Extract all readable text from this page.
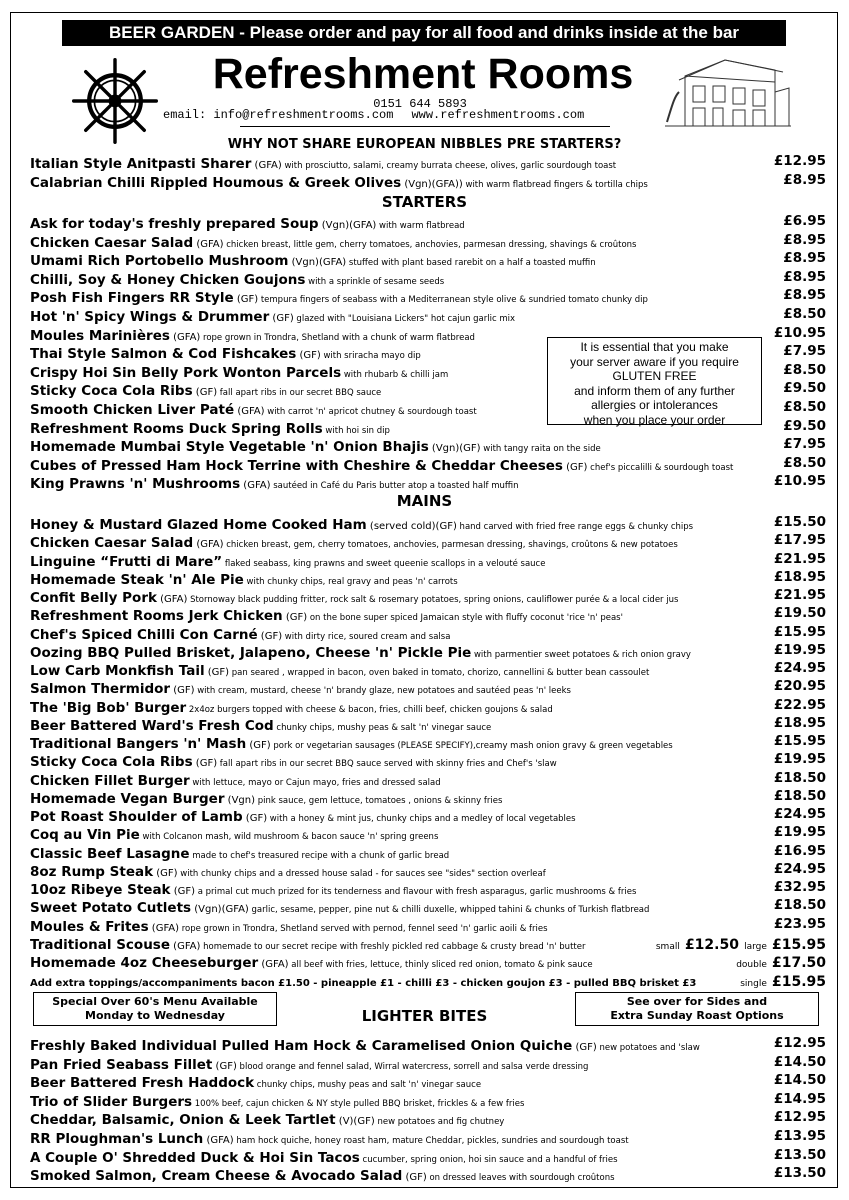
BEER GARDEN - Please order and pay for all food and drinks inside at the bar
Refreshment Rooms
0151 644 5893
email: info@refreshmentrooms.com www.refreshmentrooms.com
WHY NOT SHARE EUROPEAN NIBBLES PRE STARTERS?
Italian Style Anitpasti Sharer (GFA) with prosciutto, salami, creamy burrata cheese, olives, garlic sourdough toast	£12.95
Calabrian Chilli Rippled Houmous & Greek Olives (Vgn)(GFA)) with warm flatbread fingers & tortilla chips	£8.95
STARTERS
Ask for today's freshly prepared Soup (Vgn)(GFA) with warm flatbread	£6.95
Chicken Caesar Salad (GFA) chicken breast, little gem, cherry tomatoes, anchovies, parmesan dressing, shavings & croûtons	£8.95
Umami Rich Portobello Mushroom (Vgn)(GFA) stuffed with plant based rarebit on a half a toasted muffin	£8.95
Chilli, Soy & Honey Chicken Goujons with a sprinkle of sesame seeds	£8.95
Posh Fish Fingers RR Style (GF) tempura fingers of seabass with a Mediterranean style olive & sundried tomato chunky dip	£8.95
Hot 'n' Spicy Wings & Drummer (GF) glazed with "Louisiana Lickers" hot cajun garlic mix	£8.50
Moules Marinières (GFA) rope grown in Trondra, Shetland with a chunk of warm flatbread	£10.95
Thai Style Salmon & Cod Fishcakes (GF) with sriracha mayo dip	£7.95
Crispy Hoi Sin Belly Pork Wonton Parcels with rhubarb & chilli jam	£8.50
Sticky Coca Cola Ribs (GF) fall apart ribs in our secret BBQ sauce	£9.50
Smooth Chicken Liver Paté (GFA) with carrot 'n' apricot chutney & sourdough toast	£8.50
Refreshment Rooms Duck Spring Rolls with hoi sin dip	£9.50
Homemade Mumbai Style Vegetable 'n' Onion Bhajis (Vgn)(GF) with tangy raita on the side	£7.95
Cubes of Pressed Ham Hock Terrine with Cheshire & Cheddar Cheeses (GF) chef's piccalilli & sourdough toast	£8.50
King Prawns 'n' Mushrooms (GFA) sautéed in Café du Paris butter atop a toasted half muffin	£10.95
It is essential that you make
your server aware if you require
GLUTEN FREE
and inform them of any further
allergies or intolerances
when you place your order
MAINS
Honey & Mustard Glazed Home Cooked Ham (served cold)(GF) hand carved with fried free range eggs & chunky chips	£15.50
Chicken Caesar Salad (GFA) chicken breast, gem, cherry tomatoes, anchovies, parmesan dressing, shavings, croûtons & new potatoes	£17.95
Linguine “Frutti di Mare” flaked seabass, king prawns and sweet queenie scallops in a velouté sauce	£21.95
Homemade Steak 'n' Ale Pie with chunky chips, real gravy and peas 'n' carrots	£18.95
Confit Belly Pork (GFA) Stornoway black pudding fritter, rock salt & rosemary potatoes, spring onions, cauliflower purée & a local cider jus	£21.95
Refreshment Rooms Jerk Chicken (GF) on the bone super spiced Jamaican style with fluffy coconut 'rice 'n' peas'	£19.50
Chef's Spiced Chilli Con Carné (GF) with dirty rice, soured cream and salsa	£15.95
Oozing BBQ Pulled Brisket, Jalapeno, Cheese 'n' Pickle Pie with parmentier sweet potatoes & rich onion gravy	£19.95
Low Carb Monkfish Tail (GF) pan seared , wrapped in bacon, oven baked in tomato, chorizo, cannellini & butter bean cassoulet	£24.95
Salmon Thermidor (GF) with cream, mustard, cheese 'n' brandy glaze, new potatoes and sautéed peas 'n' leeks	£20.95
The 'Big Bob' Burger 2x4oz burgers topped with cheese & bacon, fries, chilli beef, chicken goujons & salad	£22.95
Beer Battered Ward's Fresh Cod chunky chips, mushy peas & salt 'n' vinegar sauce	£18.95
Traditional Bangers 'n' Mash (GF) pork or vegetarian sausages (PLEASE SPECIFY),creamy mash onion gravy & green vegetables	£15.95
Sticky Coca Cola Ribs (GF) fall apart ribs in our secret BBQ sauce served with skinny fries and Chef's 'slaw	£19.95
Chicken Fillet Burger with lettuce, mayo or Cajun mayo, fries and dressed salad	£18.50
Homemade Vegan Burger (Vgn) pink sauce, gem lettuce, tomatoes , onions & skinny fries	£18.50
Pot Roast Shoulder of Lamb (GF) with a honey & mint jus, chunky chips and a medley of local vegetables	£24.95
Coq au Vin Pie with Colcanon mash, wild mushroom & bacon sauce 'n' spring greens	£19.95
Classic Beef Lasagne made to chef's treasured recipe with a chunk of garlic bread	£16.95
8oz Rump Steak (GF) with chunky chips and a dressed house salad - for sauces see "sides" section overleaf	£24.95
10oz Ribeye Steak (GF) a primal cut much prized for its tenderness and flavour with fresh asparagus, garlic mushrooms & fries	£32.95
Sweet Potato Cutlets (Vgn)(GFA) garlic, sesame, pepper, pine nut & chilli duxelle, whipped tahini & chunks of Turkish flatbread	£18.50
Moules & Frites (GFA) rope grown in Trondra, Shetland served with pernod, fennel seed 'n' garlic aoili & fries	£23.95
Traditional Scouse (GFA) homemade to our secret recipe with freshly pickled red cabbage & crusty bread 'n' butter	small £12.50 large £15.95
Homemade 4oz Cheeseburger (GFA) all beef with fries, lettuce, thinly sliced red onion, tomato & pink sauce	double £17.50
Add extra toppings/accompaniments bacon £1.50 - pineapple £1 - chilli £3 - chicken goujon £3 - pulled BBQ brisket £3	single £15.95
Special Over 60's Menu Available
Monday to Wednesday	LIGHTER BITES
See over for Sides and
Extra Sunday Roast Options
Freshly Baked Individual Pulled Ham Hock & Caramelised Onion Quiche (GF) new potatoes and 'slaw	£12.95
Pan Fried Seabass Fillet (GF) blood orange and fennel salad, Wirral watercress, sorrell and salsa verde dressing	£14.50
Beer Battered Fresh Haddock chunky chips, mushy peas and salt 'n' vinegar sauce	£14.50
Trio of Slider Burgers 100% beef, cajun chicken & NY style pulled BBQ brisket, frickles & a few fries	£14.95
Cheddar, Balsamic, Onion & Leek Tartlet (V)(GF) new potatoes and fig chutney	£12.95
RR Ploughman's Lunch (GFA) ham hock quiche, honey roast ham, mature Cheddar, pickles, sundries and sourdough toast	£13.95
A Couple O' Shredded Duck & Hoi Sin Tacos cucumber, spring onion, hoi sin sauce and a handful of fries	£13.50
Smoked Salmon, Cream Cheese & Avocado Salad (GF) on dressed leaves with sourdough croûtons	£13.50
